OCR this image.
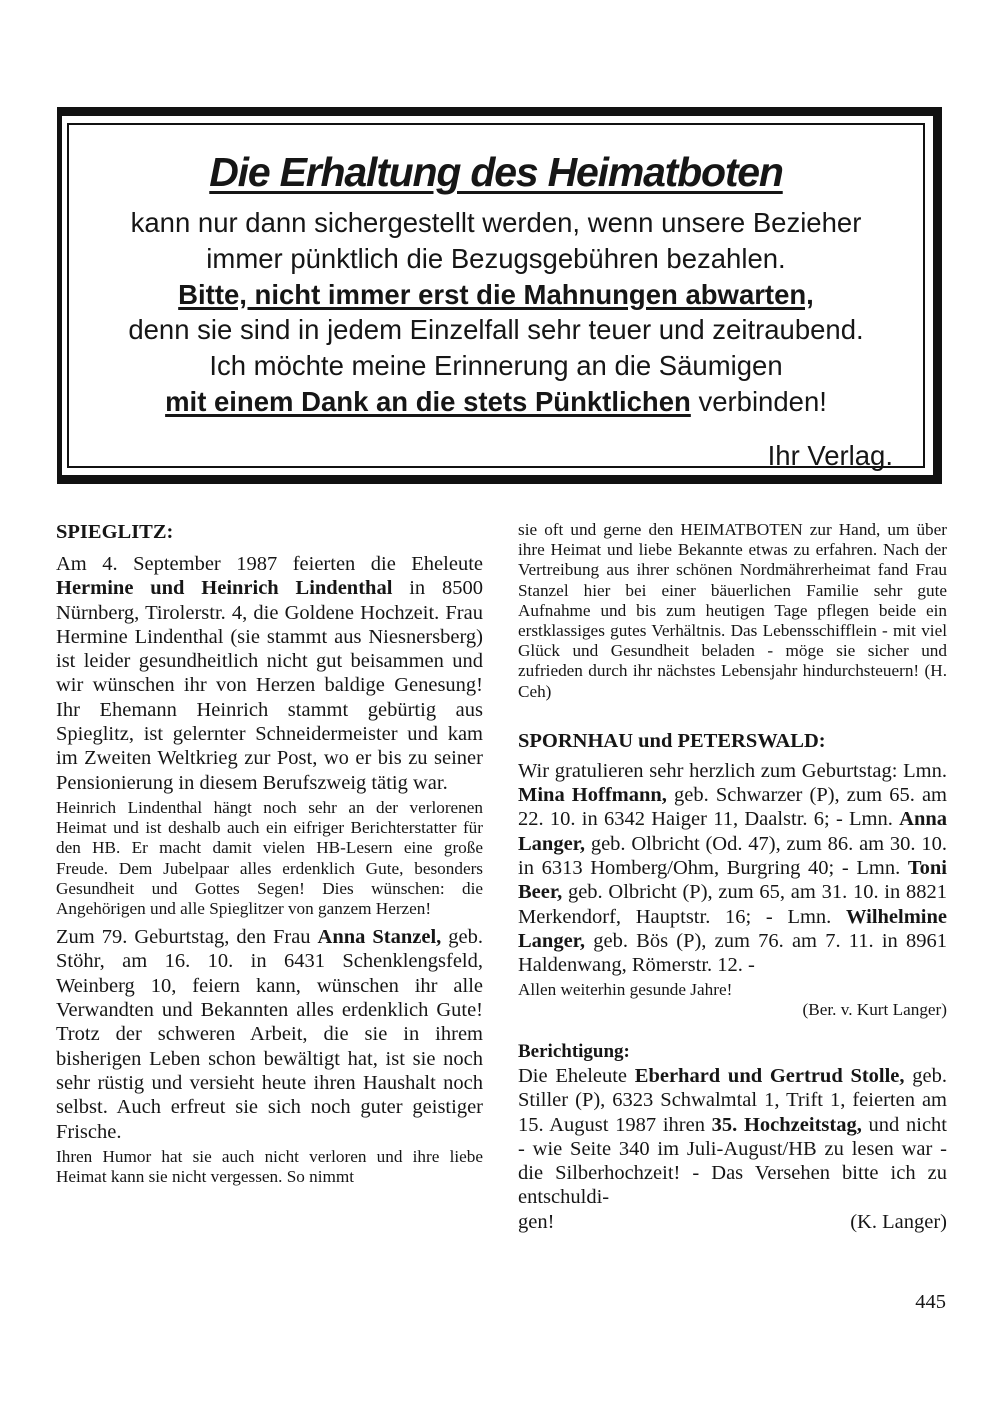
Die Erhaltung des Heimatboten

kann nur dann sichergestellt werden, wenn unsere Bezieher

immer pünktlich die Bezugsgebühren bezahlen.

Bitte, nicht immer erst die Mahnungen abwarten,

denn sie sind in jedem Einzelfall sehr teuer und zeitraubend.

Ich möchte meine Erinnerung an die Säumigen

mit einem Dank an die stets Pünktlichen verbinden!

Ihr Verlag.

SPIEGLITZ:

Am 4. September 1987 feierten die Eheleute Hermine und Heinrich Lindenthal in 8500 Nürnberg, Tirolerstr. 4, die Goldene Hochzeit. Frau Hermine Lindenthal (sie stammt aus Niesnersberg) ist leider gesundheitlich nicht gut beisammen und wir wünschen ihr von Herzen baldige Genesung! Ihr Ehemann Heinrich stammt gebürtig aus Spieglitz, ist gelernter Schneidermeister und kam im Zweiten Weltkrieg zur Post, wo er bis zu seiner Pensionierung in diesem Berufszweig tätig war.

Heinrich Lindenthal hängt noch sehr an der verlorenen Heimat und ist deshalb auch ein eifriger Berichterstatter für den HB. Er macht damit vielen HB-Lesern eine große Freude. Dem Jubelpaar alles erdenklich Gute, besonders Gesundheit und Gottes Segen! Dies wünschen: die Angehörigen und alle Spieglitzer von ganzem Herzen!

Zum 79. Geburtstag, den Frau Anna Stanzel, geb. Stöhr, am 16. 10. in 6431 Schenklengsfeld, Weinberg 10, feiern kann, wünschen ihr alle Verwandten und Bekannten alles erdenklich Gute! Trotz der schweren Arbeit, die sie in ihrem bisherigen Leben schon bewältigt hat, ist sie noch sehr rüstig und versieht heute ihren Haushalt noch selbst. Auch erfreut sie sich noch guter geistiger Frische.

Ihren Humor hat sie auch nicht verloren und ihre liebe Heimat kann sie nicht vergessen. So nimmt

sie oft und gerne den HEIMATBOTEN zur Hand, um über ihre Heimat und liebe Bekannte etwas zu erfahren. Nach der Vertreibung aus ihrer schönen Nordmährerheimat fand Frau Stanzel hier bei einer bäuerlichen Familie sehr gute Aufnahme und bis zum heutigen Tage pflegen beide ein erstklassiges gutes Verhältnis. Das Lebensschifflein - mit viel Glück und Gesundheit beladen - möge sie sicher und zufrieden durch ihr nächstes Lebensjahr hindurchsteuern! (H. Ceh)

SPORNHAU und PETERSWALD:

Wir gratulieren sehr herzlich zum Geburtstag: Lmn. Mina Hoffmann, geb. Schwarzer (P), zum 65. am 22. 10. in 6342 Haiger 11, Daalstr. 6; - Lmn. Anna Langer, geb. Olbricht (Od. 47), zum 86. am 30. 10. in 6313 Homberg/Ohm, Burgring 40; - Lmn. Toni Beer, geb. Olbricht (P), zum 65, am 31. 10. in 8821 Merkendorf, Hauptstr. 16; - Lmn. Wilhelmine Langer, geb. Bös (P), zum 76. am 7. 11. in 8961 Haldenwang, Römerstr. 12. -

Allen weiterhin gesunde Jahre!

(Ber. v. Kurt Langer)

Berichtigung:

Die Eheleute Eberhard und Gertrud Stolle, geb. Stiller (P), 6323 Schwalmtal 1, Trift 1, feierten am 15. August 1987 ihren 35. Hochzeitstag, und nicht - wie Seite 340 im Juli-August/HB zu lesen war - die Silberhochzeit! - Das Versehen bitte ich zu entschuldi-

gen!	(K. Langer)
445
